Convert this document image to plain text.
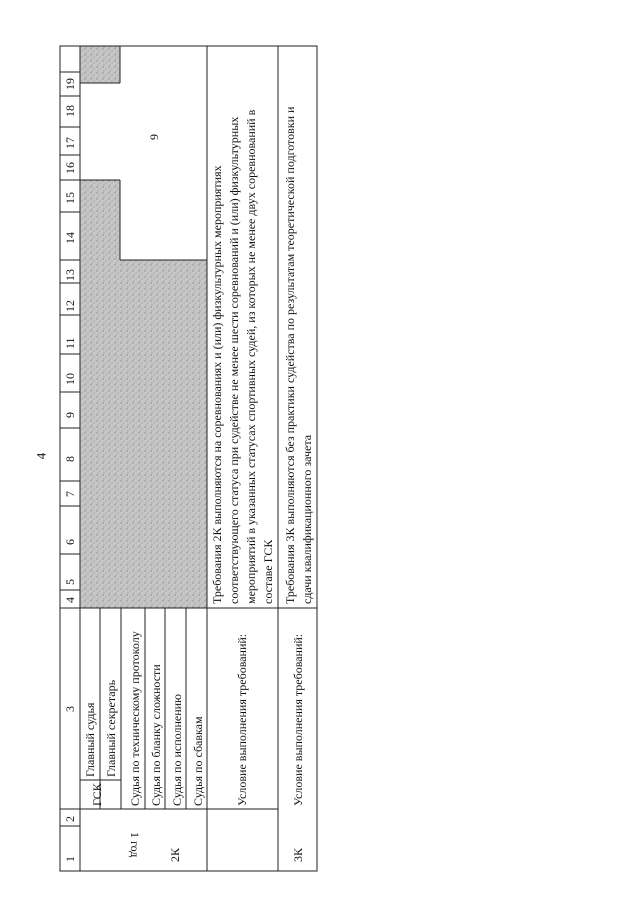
4
1
2
3
4
5
6
7
8
9
10
11
12
13
14
15
16
17
18
19
2К
1 год
ГСК
Главный судья Главный секретарь Судья по техническому протоколу Судья по бланку сложности Судья по исполнению Судья по сбавкам
9
Условие выполнения требований:
Требования 2К выполняются на соревнованиях и (или) физкультурных мероприятиях соответствующего статуса при судействе не менее шести соревнований и (или) физкультурных мероприятий в указанных статусах спортивных судей, из которых не менее двух соревнований в составе ГСК
3К
Условие выполнения требований:
Требования 3К выполняются без практики судейства по результатам теоретической подготовки и сдачи квалификационного зачета
